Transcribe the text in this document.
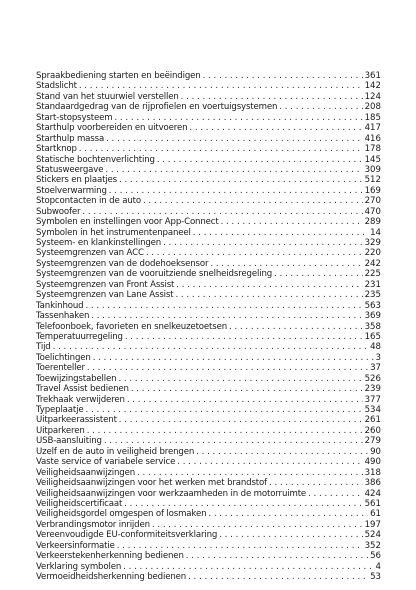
Spraakbediening starten en beëindigen . . .	361
Stadslicht . . .	142
Stand van het stuurwiel verstellen . . .	124
Standaardgedrag van de rijprofielen en voertuigsystemen . . .	208
Start-stopsysteem . . .	185
Starthulp voorbereiden en uitvoeren . . .	417
Starthulp massa . . .	416
Startknop . . .	178
Statische bochtenverlichting . . .	145
Statusweergave . . .	309
Stickers en plaatjes . . .	512
Stoelverwarming . . .	169
Stopcontacten in de auto . . .	270
Subwoofer . . .	470
Symbolen en instellingen voor App-Connect . . .	289
Symbolen in het instrumentenpaneel . . .	14
Systeem- en klankinstellingen . . .	329
Systeemgrenzen van ACC . . .	220
Systeemgrenzen van de dodehoeksensor . . .	242
Systeemgrenzen van de vooruitziende snelheidsregeling . . .	225
Systeemgrenzen van Front Assist . . .	231
Systeemgrenzen van Lane Assist . . .	235
Tankinhoud . . .	563
Tassenhaken . . .	369
Telefoonboek, favorieten en snelkeuzetoetsen . . .	358
Temperatuurregeling . . .	165
Tijd . . .	48
Toelichtingen . . .	3
Toerenteller . . .	37
Toewijzingstabellen . . .	526
Travel Assist bedienen . . .	239
Trekhaak verwijderen . . .	377
Typeplaatje . . .	534
Uitparkeerassistent . . .	261
Uitparkeren . . .	260
USB-aansluiting . . .	279
Uzelf en de auto in veiligheid brengen . . .	90
Vaste service of variabele service . . .	490
Veiligheidsaanwijzingen . . .	318
Veiligheidsaanwijzingen voor het werken met brandstof . . .	386
Veiligheidsaanwijzingen voor werkzaamheden in de motorruimte . . .	424
Veiligheidscertificaat . . .	561
Veiligheidsgordel omgespen of losmaken . . .	61
Verbrandingsmotor inrijden . . .	197
Vereenvoudigde EU-conformiteitsverklaring . . .	524
Verkeersinformatie . . .	352
Verkeerstekenherkenning bedienen . . .	56
Verklaring symbolen . . .	4
Vermoeidheidsherkenning bedienen . . .	53
